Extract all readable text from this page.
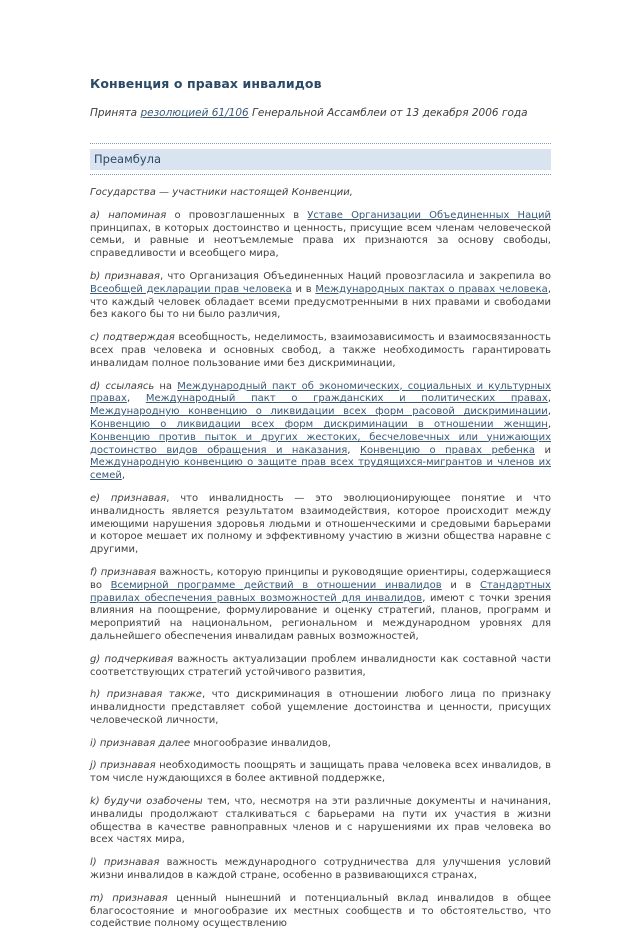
Конвенция о правах инвалидов

Принята резолюцией 61/106 Генеральной Ассамблеи от 13 декабря 2006 года

Преамбула

Государства — участники настоящей Конвенции,

a) напоминая о провозглашенных в Уставе Организации Объединенных Наций принципах, в которых достоинство и ценность, присущие всем членам человеческой семьи, и равные и неотъемлемые права их признаются за основу свободы, справедливости и всеобщего мира,

b) признавая, что Организация Объединенных Наций провозгласила и закрепила во Всеобщей декларации прав человека и в Международных пактах о правах человека, что каждый человек обладает всеми предусмотренными в них правами и свободами без какого бы то ни было различия,

c) подтверждая всеобщность, неделимость, взаимозависимость и взаимосвязанность всех прав человека и основных свобод, а также необходимость гарантировать инвалидам полное пользование ими без дискриминации,

d) ссылаясь на Международный пакт об экономических, социальных и культурных правах, Международный пакт о гражданских и политических правах, Международную конвенцию о ликвидации всех форм расовой дискриминации, Конвенцию о ликвидации всех форм дискриминации в отношении женщин, Конвенцию против пыток и других жестоких, бесчеловечных или унижающих достоинство видов обращения и наказания, Конвенцию о правах ребенка и Международную конвенцию о защите прав всех трудящихся-мигрантов и членов их семей,

e) признавая, что инвалидность — это эволюционирующее понятие и что инвалидность является результатом взаимодействия, которое происходит между имеющими нарушения здоровья людьми и отношенческими и средовыми барьерами и которое мешает их полному и эффективному участию в жизни общества наравне с другими,

f) признавая важность, которую принципы и руководящие ориентиры, содержащиеся во Всемирной программе действий в отношении инвалидов и в Стандартных правилах обеспечения равных возможностей для инвалидов, имеют с точки зрения влияния на поощрение, формулирование и оценку стратегий, планов, программ и мероприятий на национальном, региональном и международном уровнях для дальнейшего обеспечения инвалидам равных возможностей,

g) подчеркивая важность актуализации проблем инвалидности как составной части соответствующих стратегий устойчивого развития,

h) признавая также, что дискриминация в отношении любого лица по признаку инвалидности представляет собой ущемление достоинства и ценности, присущих человеческой личности,

i) признавая далее многообразие инвалидов,

j) признавая необходимость поощрять и защищать права человека всех инвалидов, в том числе нуждающихся в более активной поддержке,

k) будучи озабочены тем, что, несмотря на эти различные документы и начинания, инвалиды продолжают сталкиваться с барьерами на пути их участия в жизни общества в качестве равноправных членов и с нарушениями их прав человека во всех частях мира,

l) признавая важность международного сотрудничества для улучшения условий жизни инвалидов в каждой стране, особенно в развивающихся странах,

m) признавая ценный нынешний и потенциальный вклад инвалидов в общее благосостояние и многообразие их местных сообществ и то обстоятельство, что содействие полному осуществлению
